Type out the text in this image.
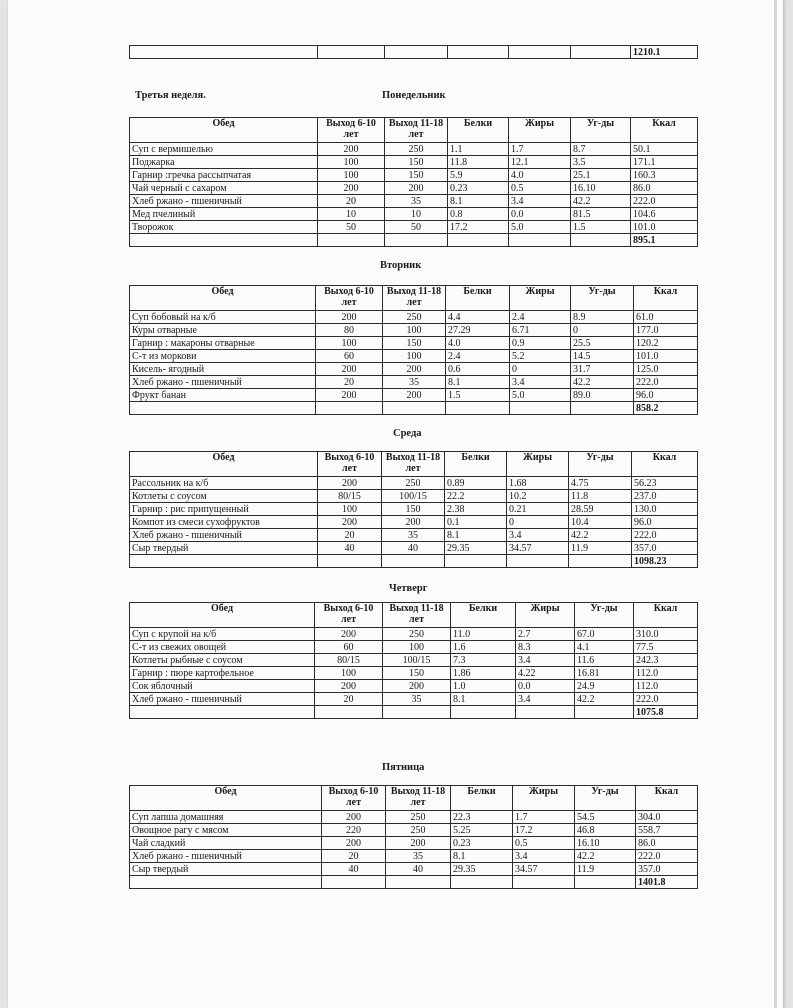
						1210.1
Третья неделя.	Понедельник
Обед	Выход 6-10 лет	Выход 11-18 лет	Белки	Жиры	Уг-ды	Ккал
Суп с вермишелью	200	250	1.1	1.7	8.7	50.1
Поджарка	100	150	11.8	12.1	3.5	171.1
Гарнир :гречка рассыпчатая	100	150	5.9	4.0	25.1	160.3
Чай черный с сахаром	200	200	0.23	0.5	16.10	86.0
Хлеб ржано - пшеничный	20	35	8.1	3.4	42.2	222.0
Мед пчелиный	10	10	0.8	0.0	81.5	104.6
Творожок	50	50	17.2	5.0	1.5	101.0
						895.1
Вторник
Обед	Выход 6-10 лет	Выход 11-18 лет	Белки	Жиры	Уг-ды	Ккал
Суп бобовый на к/б	200	250	4.4	2.4	8.9	61.0
Куры отварные	80	100	27.29	6.71	0	177.0
Гарнир : макароны отварные	100	150	4.0	0.9	25.5	120.2
С-т из моркови	60	100	2.4	5.2	14.5	101.0
Кисель- ягодный	200	200	0.6	0	31.7	125.0
Хлеб ржано - пшеничный	20	35	8.1	3.4	42.2	222.0
Фрукт банан	200	200	1.5	5.0	89.0	96.0
						858.2
Среда
Обед	Выход 6-10 лет	Выход 11-18 лет	Белки	Жиры	Уг-ды	Ккал
Рассольник на к/б	200	250	0.89	1.68	4.75	56.23
Котлеты с соусом	80/15	100/15	22.2	10.2	11.8	237.0
Гарнир : рис припущенный	100	150	2.38	0.21	28.59	130.0
Компот из смеси сухофруктов	200	200	0.1	0	10.4	96.0
Хлеб ржано - пшеничный	20	35	8.1	3.4	42.2	222.0
Сыр твердый	40	40	29.35	34.57	11.9	357.0
						1098.23
Четверг
Обед	Выход 6-10 лет	Выход 11-18 лет	Белки	Жиры	Уг-ды	Ккал
Суп с крупой на к/б	200	250	11.0	2.7	67.0	310.0
С-т из свежих овощей	60	100	1.6	8.3	4.1	77.5
Котлеты рыбные с соусом	80/15	100/15	7.3	3.4	11.6	242.3
Гарнир : пюре картофельное	100	150	1.86	4.22	16.81	112.0
Сок яблочный	200	200	1.0	0.0	24.9	112.0
Хлеб ржано - пшеничный	20	35	8.1	3.4	42.2	222.0
						1075.8
Пятница
Обед	Выход 6-10 лет	Выход 11-18 лет	Белки	Жиры	Уг-ды	Ккал
Суп лапша домашняя	200	250	22.3	1.7	54.5	304.0
Овощное рагу с мясом	220	250	5.25	17.2	46.8	558.7
Чай сладкий	200	200	0.23	0.5	16.10	86.0
Хлеб ржано - пшеничный	20	35	8.1	3.4	42.2	222.0
Сыр твердый	40	40	29.35	34.57	11.9	357.0
						1401.8
